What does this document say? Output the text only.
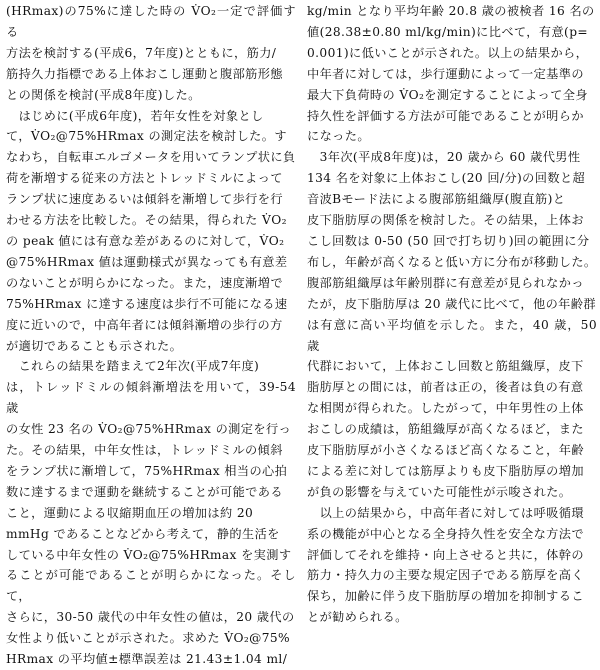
(HRmax)の75%に達した時の V̇O₂一定で評価する
方法を検討する(平成6，7年度)とともに，筋力/
筋持久力指標である上体おこし運動と腹部筋形態
との関係を検討(平成8年度)した。

　はじめに(平成6年度)，若年女性を対象とし
て，V̇O₂@75%HRmax の測定法を検討した。す
なわち，自転車エルゴメータを用いてランプ状に負
荷を漸増する従来の方法とトレッドミルによって
ランプ状に速度あるいは傾斜を漸増して歩行を行
わせる方法を比較した。その結果，得られた V̇O₂
の peak 値には有意な差があるのに対して，V̇O₂
@75%HRmax 値は運動様式が異なっても有意差
のないことが明らかになった。また，速度漸増で
75%HRmax に達する速度は歩行不可能になる速
度に近いので，中高年者には傾斜漸増の歩行の方
が適切であることも示された。

　これらの結果を踏まえて2年次(平成7年度)
は，トレッドミルの傾斜漸増法を用いて，39-54 歳
の女性 23 名の V̇O₂@75%HRmax の測定を行っ
た。その結果，中年女性は，トレッドミルの傾斜
をランプ状に漸増して，75%HRmax 相当の心拍
数に達するまで運動を継続することが可能である
こと，運動による収縮期血圧の増加は約 20
mmHg であることなどから考えて，静的生活を
している中年女性の V̇O₂@75%HRmax を実測す
ることが可能であることが明らかになった。そして，
さらに，30-50 歳代の中年女性の値は，20 歳代の
女性より低いことが示された。求めた V̇O₂@75%
HRmax の平均値±標準誤差は 21.43±1.04 ml/

kg/min となり平均年齢 20.8 歳の被検者 16 名の
値(28.38±0.80 ml/kg/min)に比べて，有意(p=
0.001)に低いことが示された。以上の結果から，
中年者に対しては，歩行運動によって一定基準の
最大下負荷時の V̇O₂を測定することによって全身
持久性を評価する方法が可能であることが明らか
になった。

　3年次(平成8年度)は，20 歳から 60 歳代男性
134 名を対象に上体おこし(20 回/分)の回数と超
音波Bモード法による腹部筋組織厚(腹直筋)と
皮下脂肪厚の関係を検討した。その結果，上体お
こし回数は 0-50 (50 回で打ち切り)回の範囲に分
布し，年齢が高くなると低い方に分布が移動した。
腹部筋組織厚は年齢別群に有意差が見られなかっ
たが，皮下脂肪厚は 20 歳代に比べて，他の年齢群
は有意に高い平均値を示した。また，40 歳，50 歳
代群において，上体おこし回数と筋組織厚，皮下
脂肪厚との間には，前者は正の，後者は負の有意
な相関が得られた。したがって，中年男性の上体
おこしの成績は，筋組織厚が高くなるほど，また
皮下脂肪厚が小さくなるほど高くなること，年齢
による差に対しては筋厚よりも皮下脂肪厚の増加
が負の影響を与えていた可能性が示唆された。

　以上の結果から，中高年者に対しては呼吸循環
系の機能が中心となる全身持久性を安全な方法で
評価してそれを維持・向上させると共に，体幹の
筋力・持久力の主要な規定因子である筋厚を高く
保ち，加齢に伴う皮下脂肪厚の増加を抑制するこ
とが勧められる。
